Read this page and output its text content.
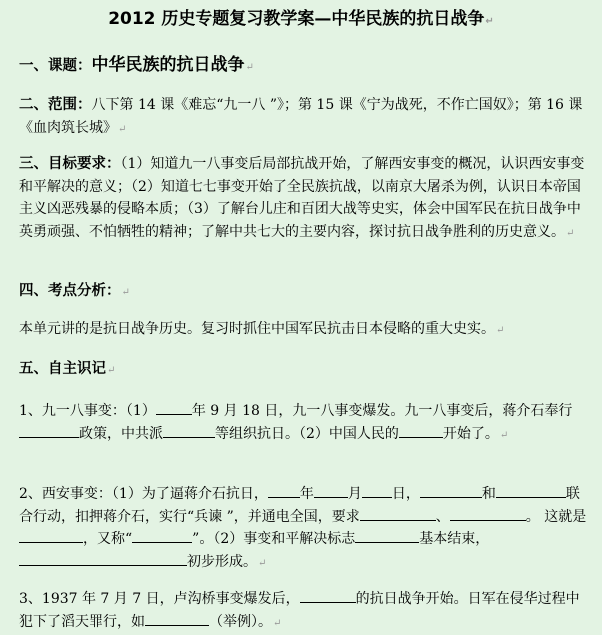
2012 历史专题复习教学案—中华民族的抗日战争↵
一、课题：中华民族的抗日战争↵
二、范围：八下第 14 课《难忘“九一八 ”》；第 15 课《宁为战死，不作亡国奴》；第 16 课《血肉筑长城》↵
三、目标要求：（1）知道九一八事变后局部抗战开始，了解西安事变的概况，认识西安事变和平解决的意义；（2）知道七七事变开始了全民族抗战，以南京大屠杀为例，认识日本帝国主义凶恶残暴的侵略本质；（3）了解台儿庄和百团大战等史实，体会中国军民在抗日战争中英勇顽强、不怕牺牲的精神；了解中共七大的主要内容，探讨抗日战争胜利的历史意义。↵
四、考点分析：↵
本单元讲的是抗日战争历史。复习时抓住中国军民抗击日本侵略的重大史实。↵
五、自主识记↵
1、九一八事变：（1）	年 9 月 18 日，九一八事变爆发。九一八事变后，蒋介石奉行政策，中共派	等组织抗日。（2）中国人民的	开始了。↵
2、西安事变：（1）为了逼蒋介石抗日， 年 月 日，	和	联合行动，扣押蒋介石，实行“兵谏 ”，并通电全国，要求	、	。 这就是，又称“	”。（2）事变和平解决标志	基本结束，初步形成。↵
3、1937 年 7 月 7 日，卢沟桥事变爆发后，	的抗日战争开始。日军在侵华过程中犯下了滔天罪行，如	（举例）。↵
